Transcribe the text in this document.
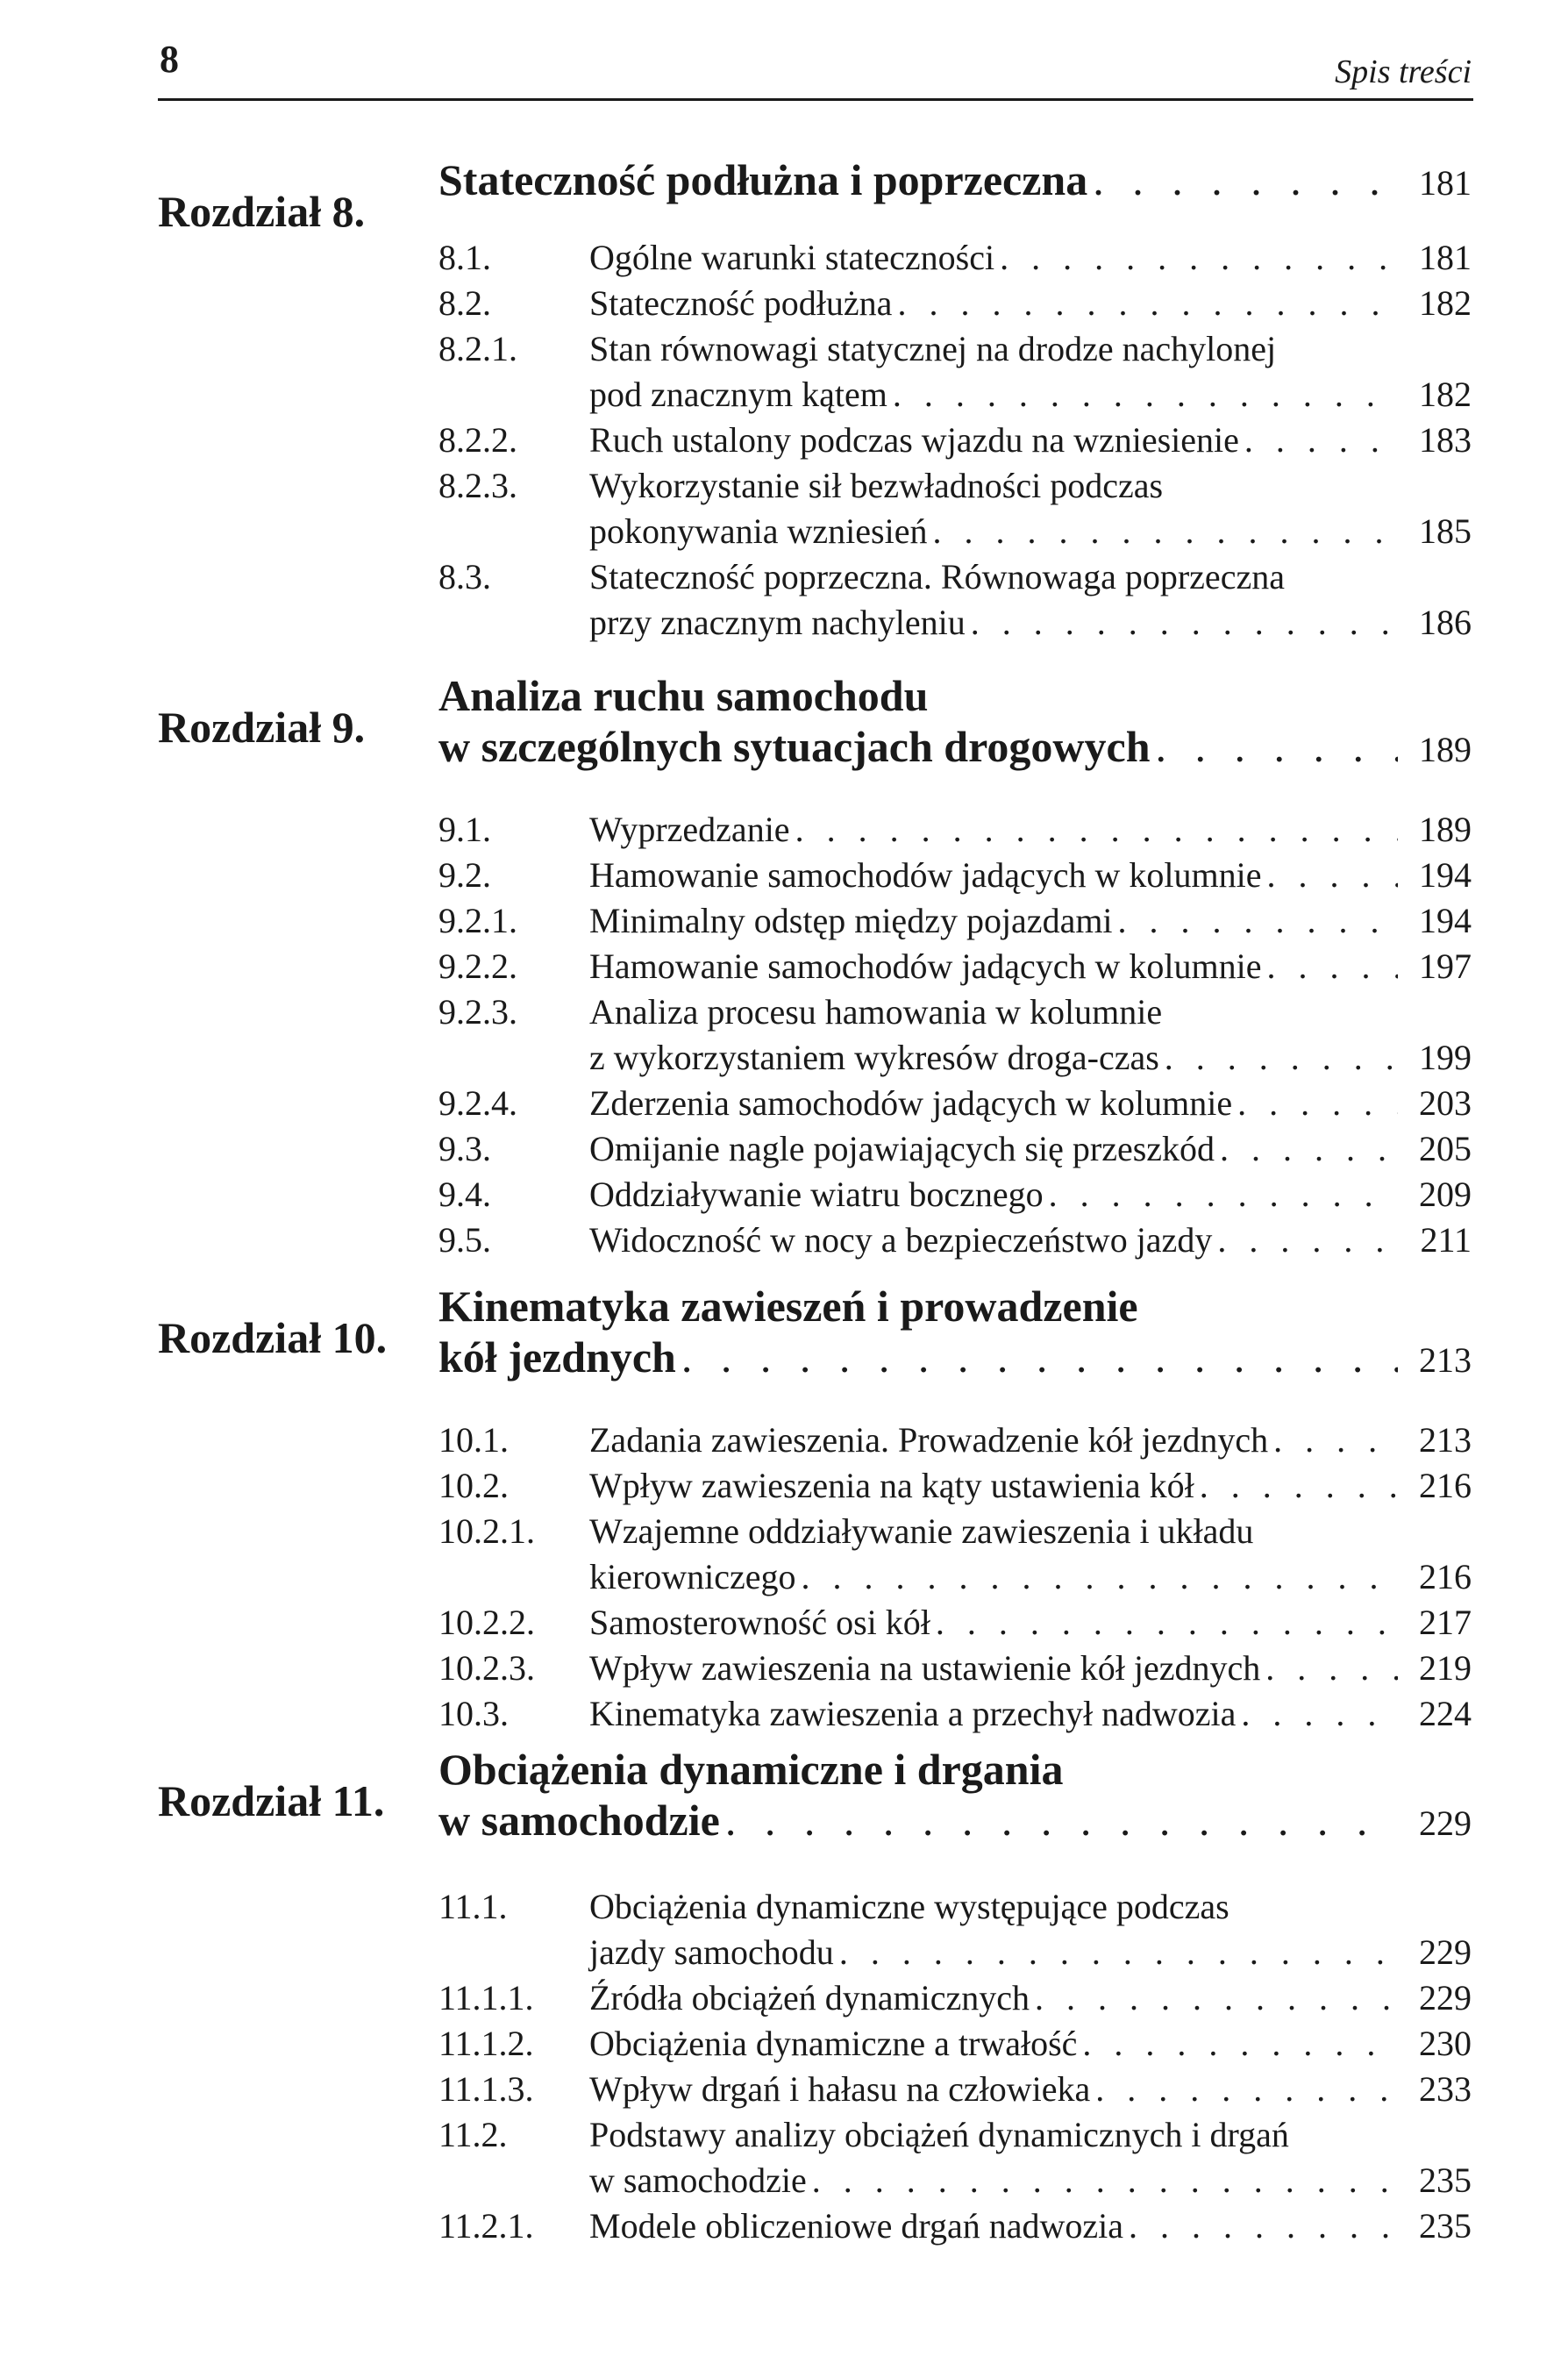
8	Spis treści
Rozdział 8.
Stateczność podłużna i poprzeczna . . .	181
8.1.	Ogólne warunki stateczności . . .	181
8.2.	Stateczność podłużna . . .	182
8.2.1. Stan równowagi statycznej na drodze nachylonej
pod znacznym kątem . . .	182
8.2.2. Ruch ustalony podczas wjazdu na wzniesienie . . .	183
8.2.3. Wykorzystanie sił bezwładności podczas
pokonywania wzniesień . . .	185
8.3.	Stateczność poprzeczna. Równowaga poprzeczna
przy znacznym nachyleniu . . .	186
Rozdział 9.
Analiza ruchu samochodu
w szczególnych sytuacjach drogowych . . .	189
9.1.	Wyprzedzanie . . .	189
9.2.	Hamowanie samochodów jadących w kolumnie . . .	194
9.2.1. Minimalny odstęp między pojazdami . . .	194
9.2.2. Hamowanie samochodów jadących w kolumnie . . .	197
9.2.3. Analiza procesu hamowania w kolumnie
z wykorzystaniem wykresów droga-czas . . .	199
9.2.4. Zderzenia samochodów jadących w kolumnie . . .	203
9.3.	Omijanie nagle pojawiających się przeszkód . . .	205
9.4.	Oddziaływanie wiatru bocznego . . .	209
9.5.	Widoczność w nocy a bezpieczeństwo jazdy . . .	211
Rozdział 10.
Kinematyka zawieszeń i prowadzenie
kół jezdnych . . .	213
10.1. Zadania zawieszenia. Prowadzenie kół jezdnych . . .	213
10.2. Wpływ zawieszenia na kąty ustawienia kół . . .	216
10.2.1. Wzajemne oddziaływanie zawieszenia i układu
kierowniczego . . .	216
10.2.2. Samosterowność osi kół . . .	217
10.2.3. Wpływ zawieszenia na ustawienie kół jezdnych . . .	219
10.3. Kinematyka zawieszenia a przechył nadwozia . . .	224
Rozdział 11.
Obciążenia dynamiczne i drgania
w samochodzie . . .	229
11.1. Obciążenia dynamiczne występujące podczas
jazdy samochodu . . .	229
11.1.1. Źródła obciążeń dynamicznych . . .	229
11.1.2. Obciążenia dynamiczne a trwałość . . .	230
11.1.3. Wpływ drgań i hałasu na człowieka . . .	233
11.2. Podstawy analizy obciążeń dynamicznych i drgań
w samochodzie . . .	235
11.2.1. Modele obliczeniowe drgań nadwozia . . .	235
